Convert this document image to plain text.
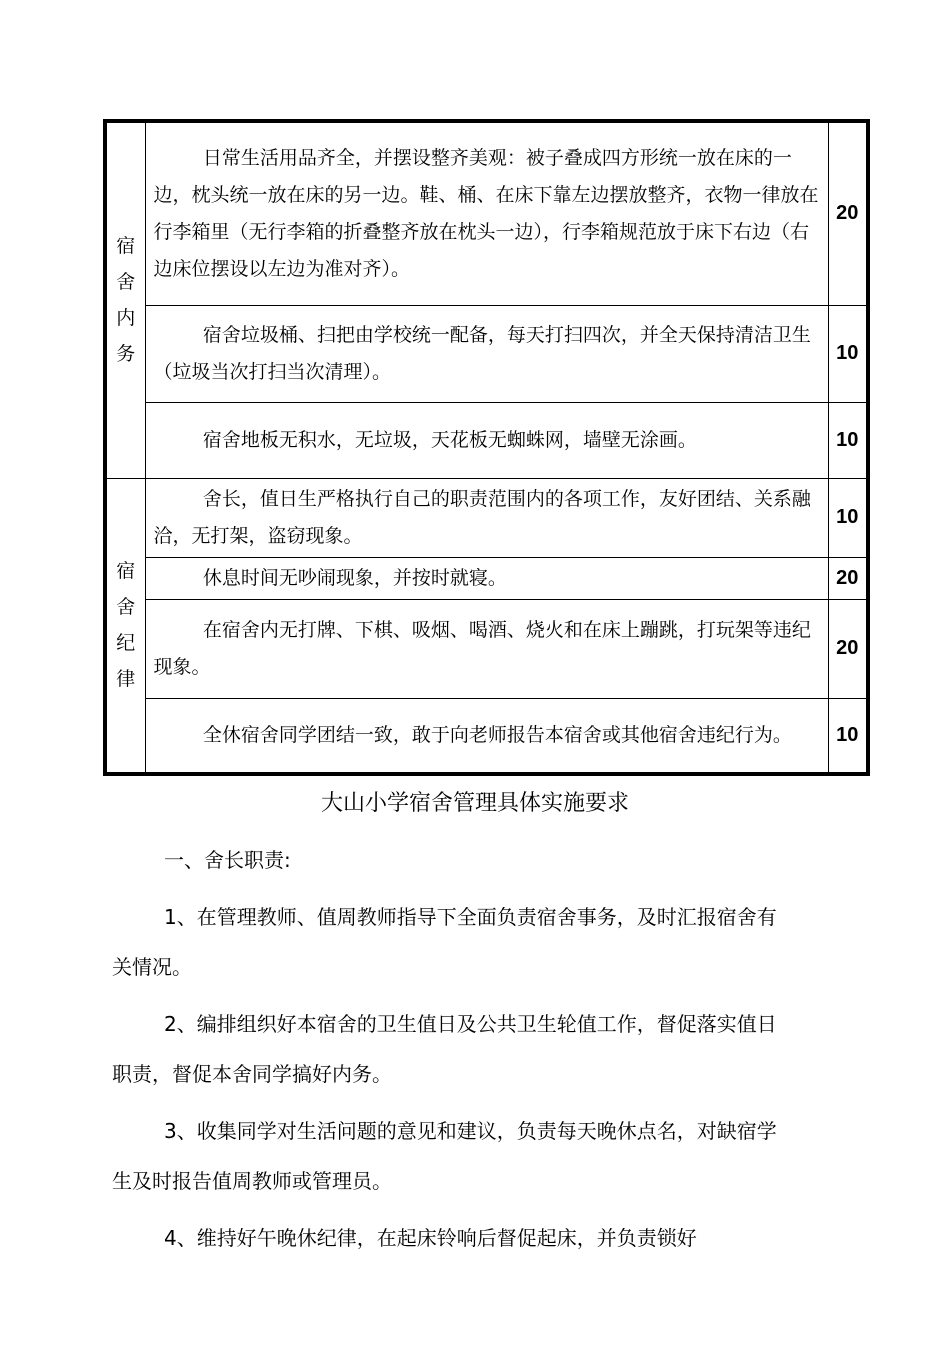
宿舍内务	日常生活用品齐全，并摆设整齐美观：被子叠成四方形统一放在床的一边，枕头统一放在床的另一边。鞋、桶、在床下靠左边摆放整齐，衣物一律放在行李箱里（无行李箱的折叠整齐放在枕头一边），行李箱规范放于床下右边（右边床位摆设以左边为准对齐）。	20

	宿舍垃圾桶、扫把由学校统一配备，每天打扫四次，并全天保持清洁卫生（垃圾当次打扫当次清理）。	10

	宿舍地板无积水，无垃圾，天花板无蜘蛛网，墙壁无涂画。	10
宿舍纪律	舍长，值日生严格执行自己的职责范围内的各项工作，友好团结、关系融洽，无打架，盗窃现象。	10

	休息时间无吵闹现象，并按时就寝。	20

	在宿舍内无打牌、下棋、吸烟、喝酒、烧火和在床上蹦跳，打玩架等违纪现象。	20

	全休宿舍同学团结一致，敢于向老师报告本宿舍或其他宿舍违纪行为。	10
大山小学宿舍管理具体实施要求

一、舍长职责:

1、在管理教师、值周教师指导下全面负责宿舍事务，及时汇报宿舍有关情况。

2、编排组织好本宿舍的卫生值日及公共卫生轮值工作，督促落实值日职责，督促本舍同学搞好内务。

3、收集同学对生活问题的意见和建议，负责每天晚休点名，对缺宿学生及时报告值周教师或管理员。

4、维持好午晚休纪律，在起床铃响后督促起床，并负责锁好
